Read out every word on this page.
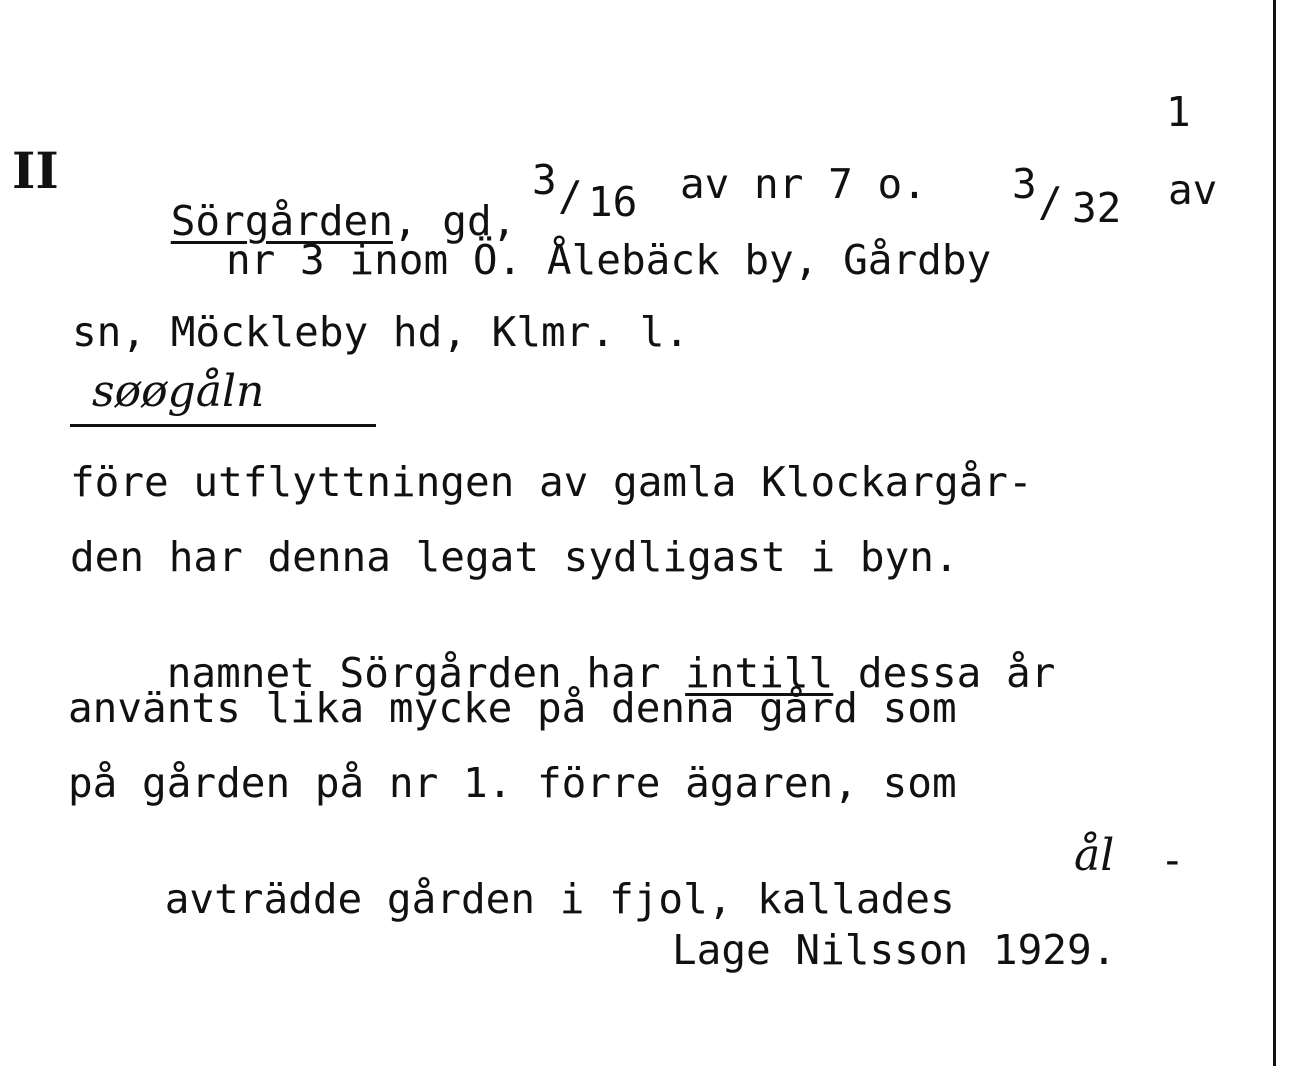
1
II

Sörgården, gd,

3 / 16 av nr 7 o. 3 / 32 av
nr 3 inom Ö. Ålebäck by, Gårdby
sn, Möckleby hd, Klmr. l.
søøgåln
före utflyttningen av gamla Klockargår-
den har denna legat sydligast i byn.

namnet Sörgården har intill dessa år

använts lika mycke på denna gård som
på gården på nr 1. förre ägaren, som

avträdde gården i fjol, kallades

ål -
Lage Nilsson 1929.
